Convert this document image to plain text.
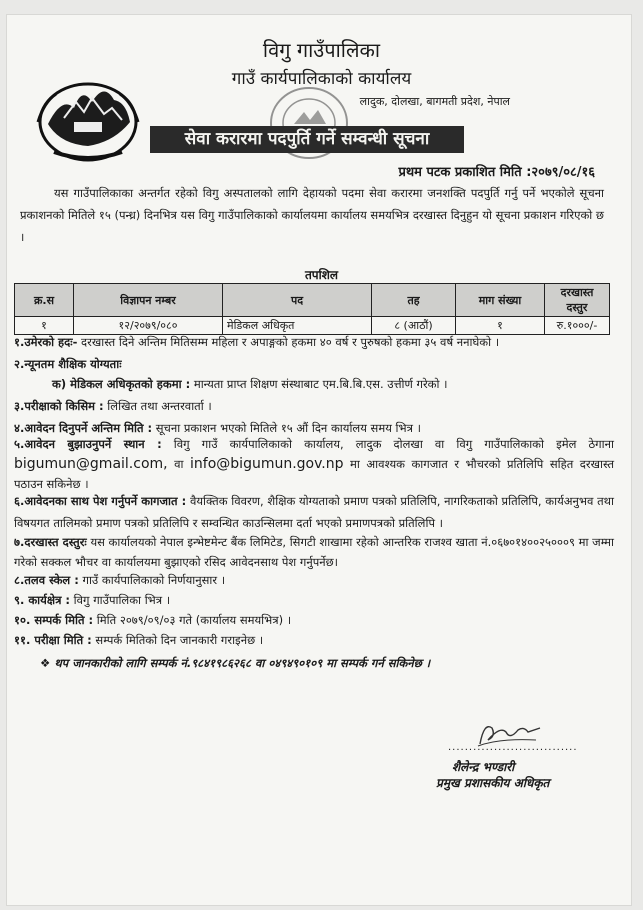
विगु गाउँपालिका
गाउँ कार्यपालिकाको कार्यालय
लादुक, दोलखा, बागमती प्रदेश, नेपाल
सेवा करारमा पदपुर्ति गर्ने सम्वन्धी सूचना
प्रथम पटक प्रकाशित मिति :२०७९/०८/१६
यस गाउँपालिकाका अन्तर्गत रहेको विगु अस्पतालको लागि देहायको पदमा सेवा करारमा जनशक्ति पदपुर्ति गर्नु पर्ने भएकोले सूचना प्रकाशनको मितिले १५ (पन्ध्र) दिनभित्र यस विगु गाउँपालिकाको कार्यालयमा कार्यालय समयभित्र दरखास्त दिनुहुन यो सूचना प्रकाशन गरिएको छ ।
तपशिल
क्र.स	विज्ञापन नम्बर	पद	तह	माग संख्या	दरखास्त दस्तुर
१	१२/२०७९/०८०	मेडिकल अधिकृत	८ (आठौं)	१	रु.१०००/-
१.उमेरको हदः- दरखास्त दिने अन्तिम मितिसम्म महिला र अपाङ्गको हकमा ४० वर्ष र पुरुषको हकमा ३५ वर्ष ननाघेको ।
२.न्यूनतम शैक्षिक योग्यताः
क) मेडिकल अधिकृतको हकमा : मान्यता प्राप्त शिक्षण संस्थाबाट एम.बि.बि.एस. उत्तीर्ण गरेको ।
३.परीक्षाको किसिम : लिखित तथा अन्तरवार्ता ।
४.आवेदन दिनुपर्ने अन्तिम मिति : सूचना प्रकाशन भएको मितिले १५ औं दिन कार्यालय समय भित्र ।
५.आवेदन बुझाउनुपर्ने स्थान : विगु गाउँ कार्यपालिकाको कार्यालय, लादुक दोलखा वा विगु गाउँपालिकाको इमेल ठेगाना bigumun@gmail.com, वा info@bigumun.gov.np मा आवश्यक कागजात र भौचरको प्रतिलिपि सहित दरखास्त पठाउन सकिनेछ ।
६.आवेदनका साथ पेश गर्नुपर्ने कागजात : वैयक्तिक विवरण, शैक्षिक योग्यताको प्रमाण पत्रको प्रतिलिपि, नागरिकताको प्रतिलिपि, कार्यअनुभव तथा विषयगत तालिमको प्रमाण पत्रको प्रतिलिपि र सम्वन्धित काउन्सिलमा दर्ता भएको प्रमाणपत्रको प्रतिलिपि ।
७.दरखास्त दस्तुरः यस कार्यालयको नेपाल इन्भेष्टमेन्ट बैंक लिमिटेड, सिगटी शाखामा रहेको आन्तरिक राजश्व खाता नं.०६७०१४००२५०००९ मा जम्मा गरेको सक्कल भौचर वा कार्यालयमा बुझाएको रसिद आवेदनसाथ पेश गर्नुपर्नेछ।
८.तलव स्केल : गाउँ कार्यपालिकाको निर्णयानुसार ।
९. कार्यक्षेत्र : विगु गाउँपालिका भित्र ।
१०. सम्पर्क मिति : मिति २०७९/०९/०३ गते (कार्यालय समयभित्र) ।
११. परीक्षा मिति : सम्पर्क मितिको दिन जानकारी गराइनेछ ।
❖ थप जानकारीको लागि सम्पर्क नं.९८४१९८६२६८ वा ०४९४९०१०९ मा सम्पर्क गर्न सकिनेछ ।
...............................
शैलेन्द्र भण्डारी
प्रमुख प्रशासकीय अधिकृत
